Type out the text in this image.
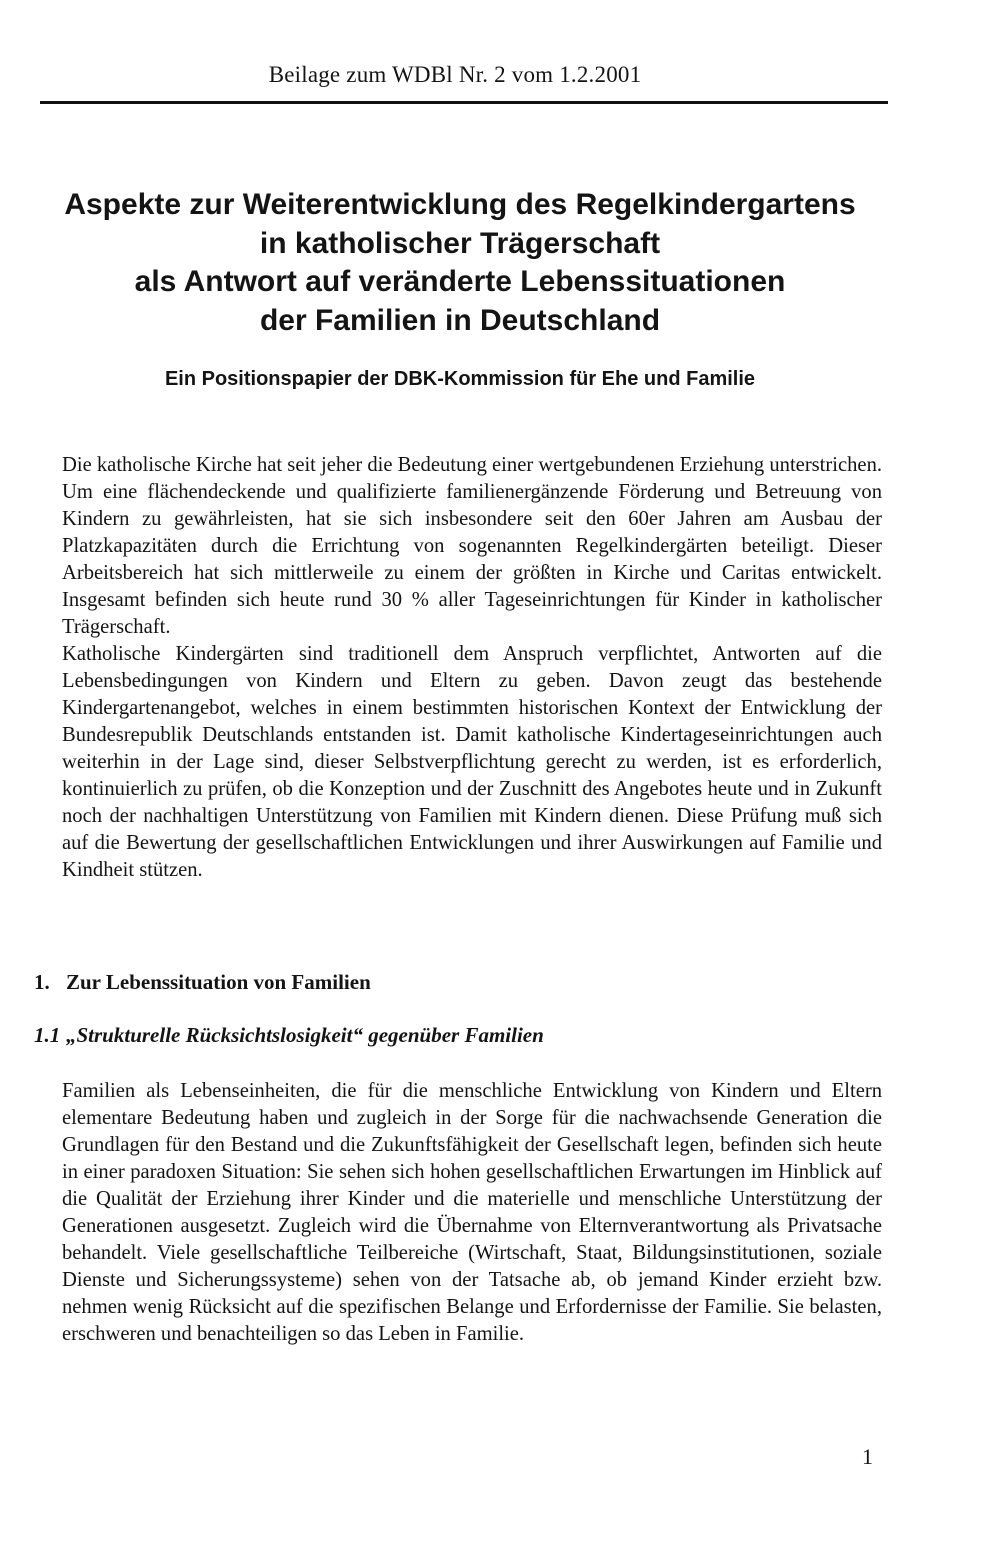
Beilage zum WDBl Nr. 2 vom 1.2.2001
Aspekte zur Weiterentwicklung des Regelkindergartens
in katholischer Trägerschaft
als Antwort auf veränderte Lebenssituationen
der Familien in Deutschland
Ein Positionspapier der DBK-Kommission für Ehe und Familie

Die katholische Kirche hat seit jeher die Bedeutung einer wertgebundenen Erziehung unterstrichen. Um eine flächendeckende und qualifizierte familienergänzende Förderung und Betreuung von Kindern zu gewährleisten, hat sie sich insbesondere seit den 60er Jahren am Ausbau der Platzkapazitäten durch die Errichtung von sogenannten Regelkindergärten beteiligt. Dieser Arbeitsbereich hat sich mittlerweile zu einem der größten in Kirche und Caritas entwickelt. Insgesamt befinden sich heute rund 30 % aller Tageseinrichtungen für Kinder in katholischer Trägerschaft.

Katholische Kindergärten sind traditionell dem Anspruch verpflichtet, Antworten auf die Lebensbedingungen von Kindern und Eltern zu geben. Davon zeugt das bestehende Kindergartenangebot, welches in einem bestimmten historischen Kontext der Entwicklung der Bundesrepublik Deutschlands entstanden ist. Damit katholische Kindertageseinrichtungen auch weiterhin in der Lage sind, dieser Selbstverpflichtung gerecht zu werden, ist es erforderlich, kontinuierlich zu prüfen, ob die Konzeption und der Zuschnitt des Angebotes heute und in Zukunft noch der nachhaltigen Unterstützung von Familien mit Kindern dienen. Diese Prüfung muß sich auf die Bewertung der gesellschaftlichen Entwicklungen und ihrer Auswirkungen auf Familie und Kindheit stützen.

1. Zur Lebenssituation von Familien
1.1 „Strukturelle Rücksichtslosigkeit“ gegenüber Familien

Familien als Lebenseinheiten, die für die menschliche Entwicklung von Kindern und Eltern elementare Bedeutung haben und zugleich in der Sorge für die nachwachsende Generation die Grundlagen für den Bestand und die Zukunftsfähigkeit der Gesellschaft legen, befinden sich heute in einer paradoxen Situation: Sie sehen sich hohen gesellschaftlichen Erwartungen im Hinblick auf die Qualität der Erziehung ihrer Kinder und die materielle und menschliche Unterstützung der Generationen ausgesetzt. Zugleich wird die Übernahme von Elternverantwortung als Privatsache behandelt. Viele gesellschaftliche Teilbereiche (Wirtschaft, Staat, Bildungsinstitutionen, soziale Dienste und Sicherungssysteme) sehen von der Tatsache ab, ob jemand Kinder erzieht bzw. nehmen wenig Rücksicht auf die spezifischen Belange und Erfordernisse der Familie. Sie belasten, erschweren und benachteiligen so das Leben in Familie.

1
